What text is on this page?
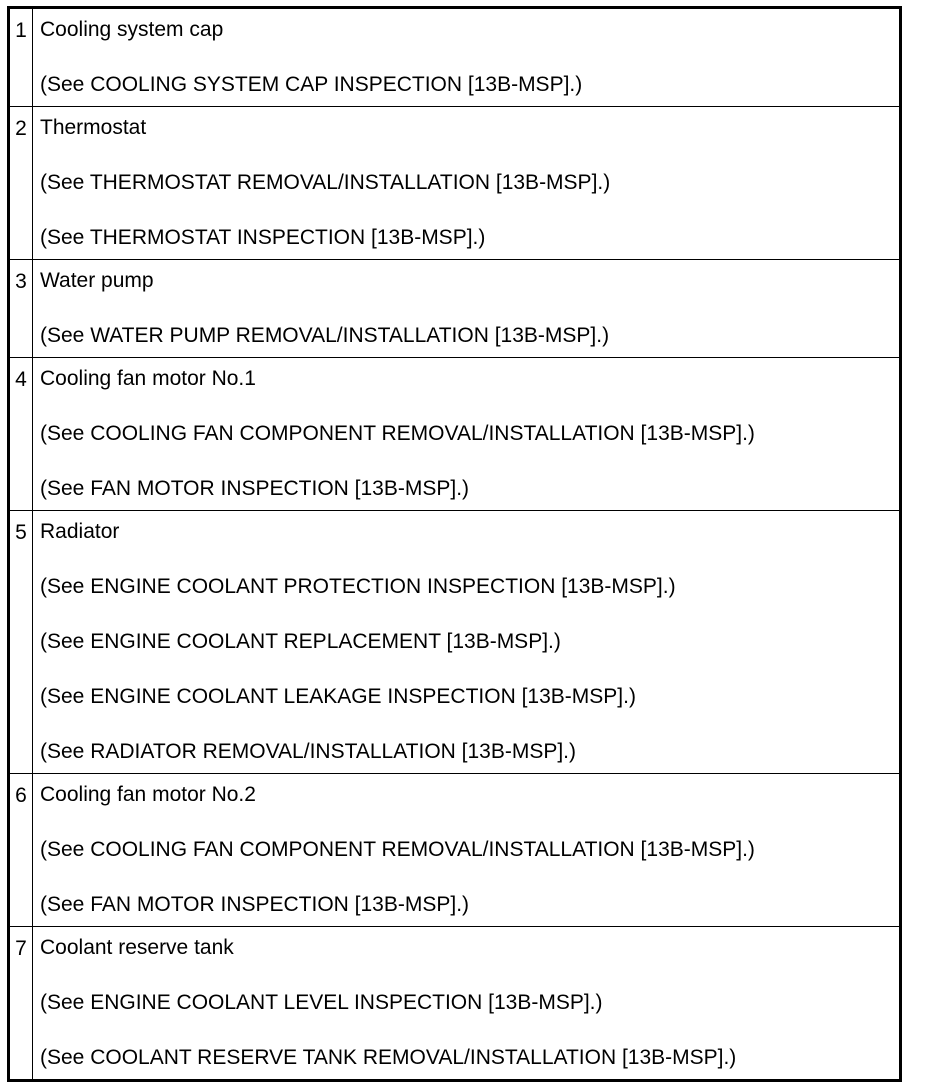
1	Cooling system cap
(See COOLING SYSTEM CAP INSPECTION [13B-MSP].)

2	Thermostat
(See THERMOSTAT REMOVAL/INSTALLATION [13B-MSP].)
(See THERMOSTAT INSPECTION [13B-MSP].)

3	Water pump
(See WATER PUMP REMOVAL/INSTALLATION [13B-MSP].)

4	Cooling fan motor No.1
(See COOLING FAN COMPONENT REMOVAL/INSTALLATION [13B-MSP].)
(See FAN MOTOR INSPECTION [13B-MSP].)

5	Radiator
(See ENGINE COOLANT PROTECTION INSPECTION [13B-MSP].)
(See ENGINE COOLANT REPLACEMENT [13B-MSP].)
(See ENGINE COOLANT LEAKAGE INSPECTION [13B-MSP].)
(See RADIATOR REMOVAL/INSTALLATION [13B-MSP].)

6	Cooling fan motor No.2
(See COOLING FAN COMPONENT REMOVAL/INSTALLATION [13B-MSP].)
(See FAN MOTOR INSPECTION [13B-MSP].)

7	Coolant reserve tank
(See ENGINE COOLANT LEVEL INSPECTION [13B-MSP].)
(See COOLANT RESERVE TANK REMOVAL/INSTALLATION [13B-MSP].)
